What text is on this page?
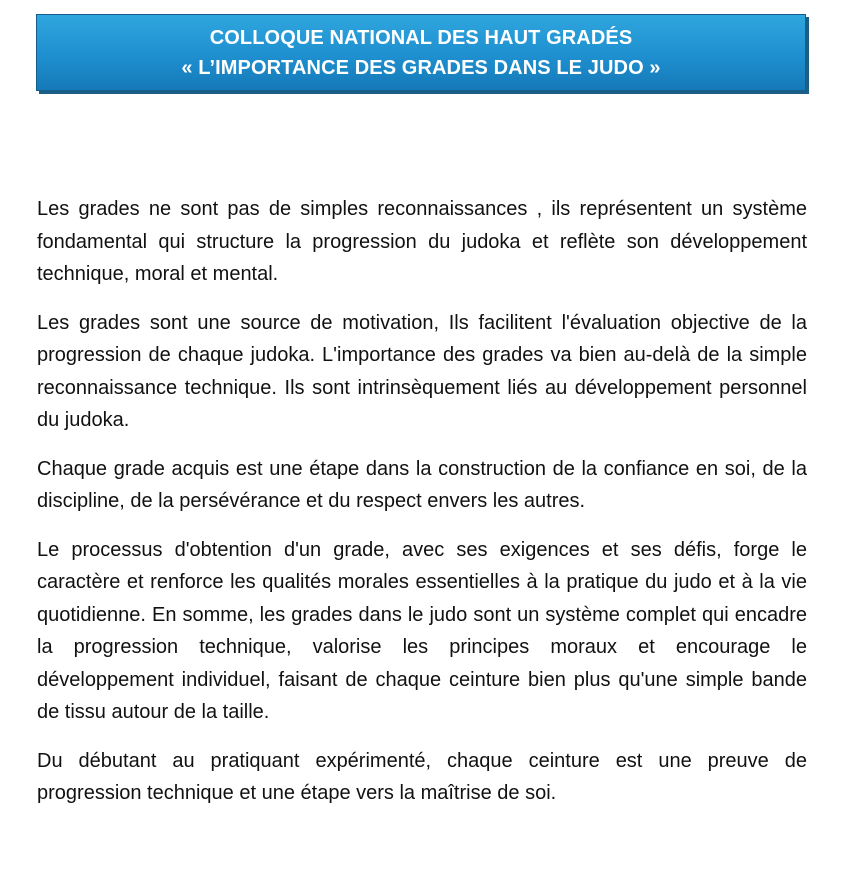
COLLOQUE NATIONAL DES HAUT GRADÉS
« L’IMPORTANCE DES GRADES DANS LE JUDO »

Les grades ne sont pas de simples reconnaissances , ils représentent un système fondamental qui structure la progression du judoka et reflète son développement technique, moral et mental.

Les grades sont une source de motivation, Ils facilitent l'évaluation objective de la progression de chaque judoka. L'importance des grades va bien au-delà de la simple reconnaissance technique. Ils sont intrinsèquement liés au développement personnel du judoka.

Chaque grade acquis est une étape dans la construction de la confiance en soi, de la discipline, de la persévérance et du respect envers les autres.

Le processus d'obtention d'un grade, avec ses exigences et ses défis, forge le caractère et renforce les qualités morales essentielles à la pratique du judo et à la vie quotidienne. En somme, les grades dans le judo sont un système complet qui encadre la progression technique, valorise les principes moraux et encourage le développement individuel, faisant de chaque ceinture bien plus qu'une simple bande de tissu autour de la taille.

Du débutant au pratiquant expérimenté, chaque ceinture est une preuve de progression technique et une étape vers la maîtrise de soi.
